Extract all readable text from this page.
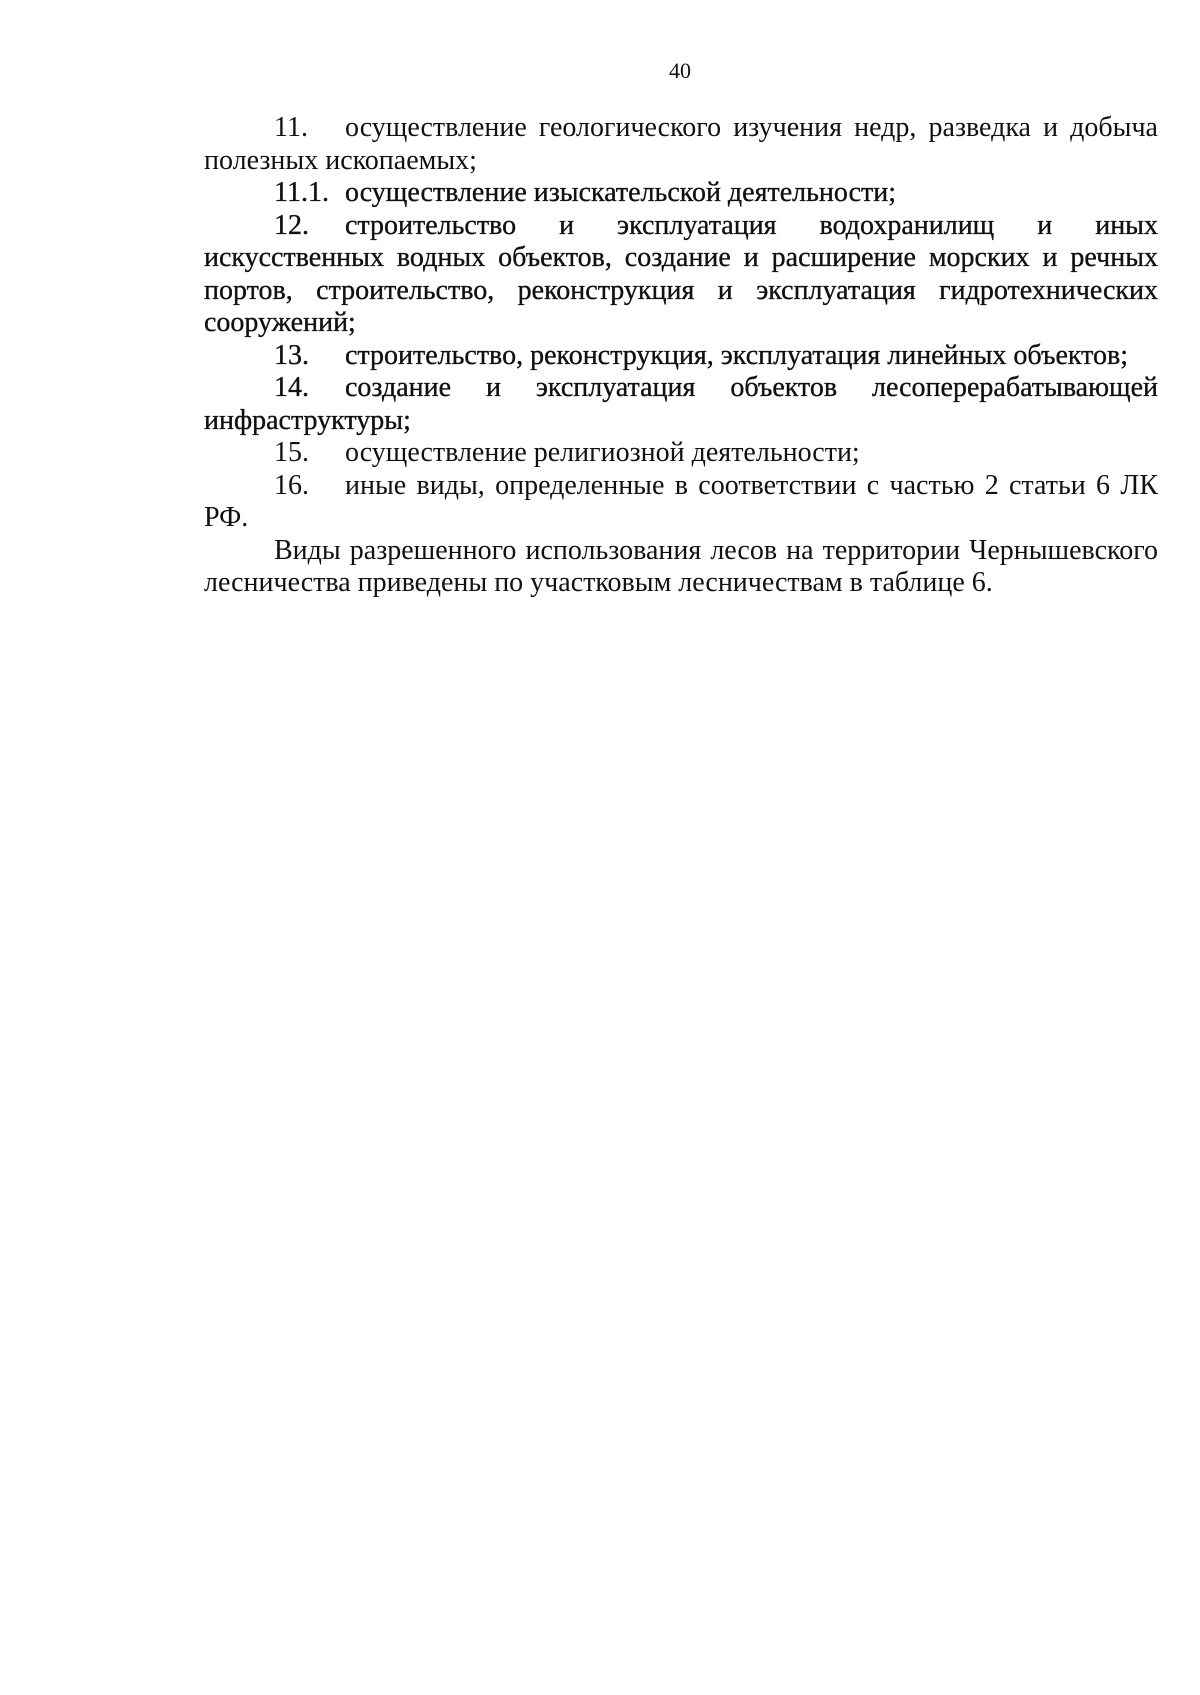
40

11. осуществление геологического изучения недр, разведка и добыча полезных ископаемых;

11.1. осуществление изыскательской деятельности;

12. строительство и эксплуатация водохранилищ и иных искусственных водных объектов, создание и расширение морских и речных портов, строительство, реконструкция и эксплуатация гидротехнических сооружений;

13. строительство, реконструкция, эксплуатация линейных объектов;

14. создание и эксплуатация объектов лесоперерабатывающей инфраструктуры;

15. осуществление религиозной деятельности;

16. иные виды, определенные в соответствии с частью 2 статьи 6 ЛК РФ.

Виды разрешенного использования лесов на территории Чернышевского лесничества приведены по участковым лесничествам в таблице 6.
